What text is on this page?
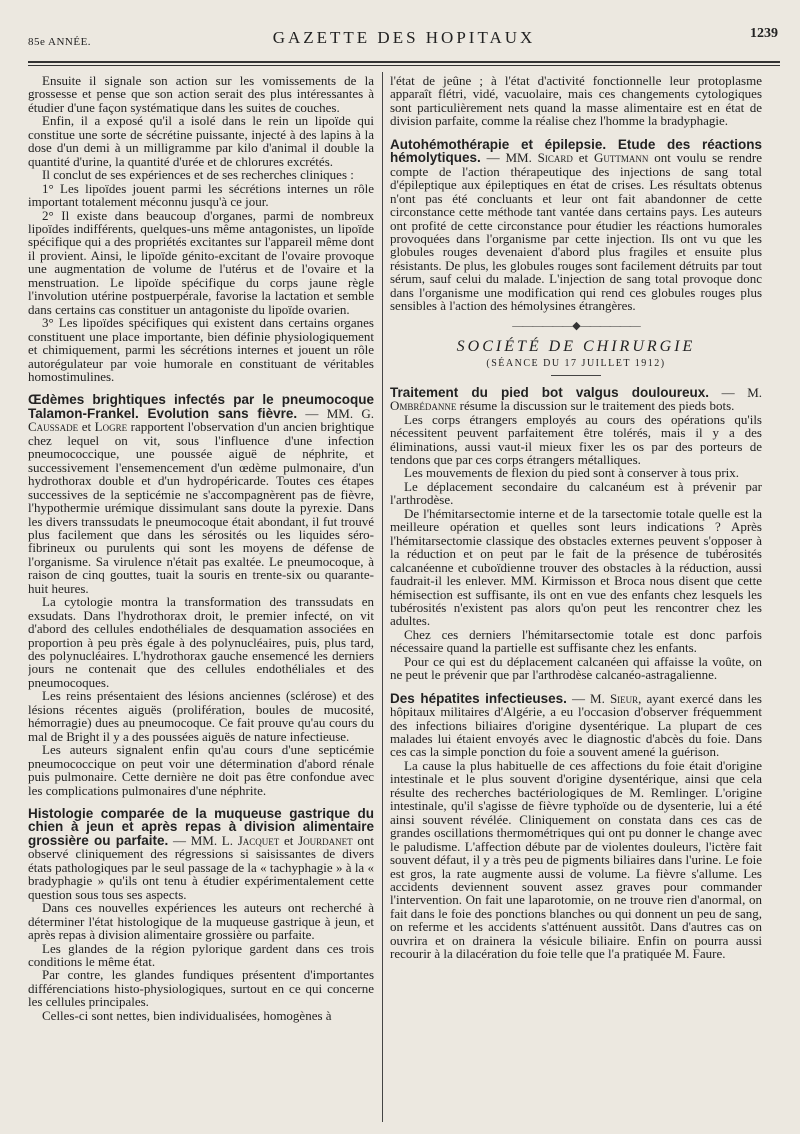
85e ANNÉE.	GAZETTE DES HOPITAUX	1239

Ensuite il signale son action sur les vomissements de la grossesse et pense que son action serait des plus intéressantes à étudier d'une façon systématique dans les suites de couches.

Enfin, il a exposé qu'il a isolé dans le rein un lipoïde qui constitue une sorte de sécrétine puissante, injecté à des lapins à la dose d'un demi à un milligramme par kilo d'animal il double la quantité d'urine, la quantité d'urée et de chlorures excrétés.

Il conclut de ses expériences et de ses recherches cliniques :

1° Les lipoïdes jouent parmi les sécrétions internes un rôle important totalement méconnu jusqu'à ce jour.

2° Il existe dans beaucoup d'organes, parmi de nombreux lipoïdes indifférents, quelques-uns même antagonistes, un lipoïde spécifique qui a des propriétés excitantes sur l'appareil même dont il provient. Ainsi, le lipoïde génito-excitant de l'ovaire provoque une augmentation de volume de l'utérus et de l'ovaire et la menstruation. Le lipoïde spécifique du corps jaune règle l'involution utérine postpuerpérale, favorise la lactation et semble dans certains cas constituer un antagoniste du lipoïde ovarien.

3° Les lipoïdes spécifiques qui existent dans certains organes constituent une place importante, bien définie physiologiquement et chimiquement, parmi les sécrétions internes et jouent un rôle autorégulateur par voie humorale en constituant de véritables homostimulines.

Œdèmes brightiques infectés par le pneumocoque Talamon-Frankel. Evolution sans fièvre. — MM. G. Caussade et Logre rapportent l'observation d'un ancien brightique chez lequel on vit, sous l'influence d'une infection pneumococcique, une poussée aiguë de néphrite, et successivement l'ensemencement d'un œdème pulmonaire, d'un hydrothorax double et d'un hydropéricarde. Toutes ces étapes successives de la septicémie ne s'accompagnèrent pas de fièvre, l'hypothermie urémique dissimulant sans doute la pyrexie. Dans les divers transsudats le pneumocoque était abondant, il fut trouvé plus facilement que dans les sérosités ou les liquides séro-fibrineux ou purulents qui sont les moyens de défense de l'organisme. Sa virulence n'était pas exaltée. Le pneumocoque, à raison de cinq gouttes, tuait la souris en trente-six ou quarante-huit heures.

La cytologie montra la transformation des transsudats en exsudats. Dans l'hydrothorax droit, le premier infecté, on vit d'abord des cellules endothéliales de desquamation associées en proportion à peu près égale à des polynucléaires, puis, plus tard, des polynucléaires. L'hydrothorax gauche ensemencé les derniers jours ne contenait que des cellules endothéliales et des pneumocoques.

Les reins présentaient des lésions anciennes (sclérose) et des lésions récentes aiguës (prolifération, boules de mucosité, hémorragie) dues au pneumocoque. Ce fait prouve qu'au cours du mal de Bright il y a des poussées aiguës de nature infectieuse.

Les auteurs signalent enfin qu'au cours d'une septicémie pneumococcique on peut voir une détermination d'abord rénale puis pulmonaire. Cette dernière ne doit pas être confondue avec les complications pulmonaires d'une néphrite.

Histologie comparée de la muqueuse gastrique du chien à jeun et après repas à division alimentaire grossière ou parfaite. — MM. L. Jacquet et Jourdanet ont observé cliniquement des régressions si saisissantes de divers états pathologiques par le seul passage de la « tachyphagie » à la « bradyphagie » qu'ils ont tenu à étudier expérimentalement cette question sous tous ses aspects.

Dans ces nouvelles expériences les auteurs ont recherché à déterminer l'état histologique de la muqueuse gastrique à jeun, et après repas à division alimentaire grossière ou parfaite.

Les glandes de la région pylorique gardent dans ces trois conditions le même état.

Par contre, les glandes fundiques présentent d'importantes différenciations histo-physiologiques, surtout en ce qui concerne les cellules principales.

Celles-ci sont nettes, bien individualisées, homogènes à

l'état de jeûne ; à l'état d'activité fonctionnelle leur protoplasme apparaît flétri, vidé, vacuolaire, mais ces changements cytologiques sont particulièrement nets quand la masse alimentaire est en état de division parfaite, comme la réalise chez l'homme la bradyphagie.

Autohémothérapie et épilepsie. Etude des réactions hémolytiques. — MM. Sicard et Guttmann ont voulu se rendre compte de l'action thérapeutique des injections de sang total d'épileptique aux épileptiques en état de crises. Les résultats obtenus n'ont pas été concluants et leur ont fait abandonner de cette circonstance cette méthode tant vantée dans certains pays. Les auteurs ont profité de cette circonstance pour étudier les réactions humorales provoquées dans l'organisme par cette injection. Ils ont vu que les globules rouges devenaient d'abord plus fragiles et ensuite plus résistants. De plus, les globules rouges sont facilement détruits par tout sérum, sauf celui du malade. L'injection de sang total provoque donc dans l'organisme une modification qui rend ces globules rouges plus sensibles à l'action des hémolysines étrangères.

——————◆——————
SOCIÉTÉ DE CHIRURGIE
(SÉANCE DU 17 JUILLET 1912)

Traitement du pied bot valgus douloureux. — M. Ombrédanne résume la discussion sur le traitement des pieds bots.

Les corps étrangers employés au cours des opérations qu'ils nécessitent peuvent parfaitement être tolérés, mais il y a des éliminations, aussi vaut-il mieux fixer les os par des porteurs de tendons que par ces corps étrangers métalliques.

Les mouvements de flexion du pied sont à conserver à tous prix.

Le déplacement secondaire du calcanéum est à prévenir par l'arthrodèse.

De l'hémitarsectomie interne et de la tarsectomie totale quelle est la meilleure opération et quelles sont leurs indications ? Après l'hémitarsectomie classique des obstacles externes peuvent s'opposer à la réduction et on peut par le fait de la présence de tubérosités calcanéenne et cuboïdienne trouver des obstacles à la réduction, aussi faudrait-il les enlever. MM. Kirmisson et Broca nous disent que cette hémisection est suffisante, ils ont en vue des enfants chez lesquels les tubérosités n'existent pas alors qu'on peut les rencontrer chez les adultes.

Chez ces derniers l'hémitarsectomie totale est donc parfois nécessaire quand la partielle est suffisante chez les enfants.

Pour ce qui est du déplacement calcanéen qui affaisse la voûte, on ne peut le prévenir que par l'arthrodèse calcanéo-astragalienne.

Des hépatites infectieuses. — M. Sieur, ayant exercé dans les hôpitaux militaires d'Algérie, a eu l'occasion d'observer fréquemment des infections biliaires d'origine dysentérique. La plupart de ces malades lui étaient envoyés avec le diagnostic d'abcès du foie. Dans ces cas la simple ponction du foie a souvent amené la guérison.

La cause la plus habituelle de ces affections du foie était d'origine intestinale et le plus souvent d'origine dysentérique, ainsi que cela résulte des recherches bactériologiques de M. Remlinger. L'origine intestinale, qu'il s'agisse de fièvre typhoïde ou de dysenterie, lui a été ainsi souvent révélée. Cliniquement on constata dans ces cas de grandes oscillations thermométriques qui ont pu donner le change avec le paludisme. L'affection débute par de violentes douleurs, l'ictère fait souvent défaut, il y a très peu de pigments biliaires dans l'urine. Le foie est gros, la rate augmente aussi de volume. La fièvre s'allume. Les accidents deviennent souvent assez graves pour commander l'intervention. On fait une laparotomie, on ne trouve rien d'anormal, on fait dans le foie des ponctions blanches ou qui donnent un peu de sang, on referme et les accidents s'atténuent aussitôt. Dans d'autres cas on ouvrira et on drainera la vésicule biliaire. Enfin on pourra aussi recourir à la dilacération du foie telle que l'a pratiquée M. Faure.
